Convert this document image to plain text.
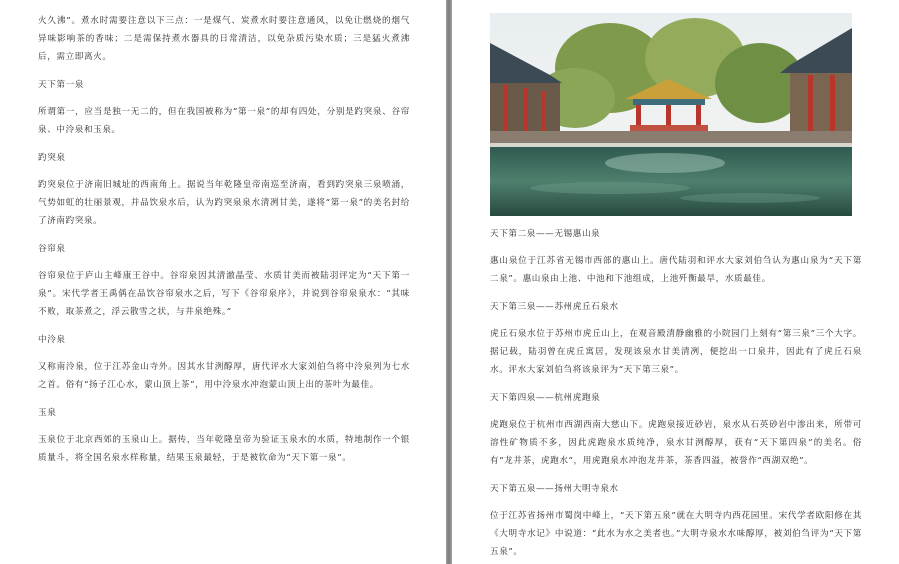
火久沸”。煮水时需要注意以下三点：一是煤气、炭煮水时要注意通风，以免让燃烧的烟气异味影响茶的香味；二是需保持煮水器具的日常清洁，以免杂质污染水质；三是猛火煮沸后，需立即离火。

天下第一泉

所谓第一，应当是独一无二的，但在我国被称为“第一泉”的却有四处，分别是趵突泉、谷帘泉、中泠泉和玉泉。

趵突泉

趵突泉位于济南旧城址的西南角上。据说当年乾隆皇帝南巡至济南，看到趵突泉三泉喷涌，气势如虹的壮丽景观，并品饮泉水后，认为趵突泉泉水清冽甘美，遂将“第一泉”的美名封给了济南趵突泉。

谷帘泉

谷帘泉位于庐山主峰康王谷中。谷帘泉因其清澈晶莹、水质甘美而被陆羽评定为“天下第一泉”。宋代学者王禹偁在品饮谷帘泉水之后，写下《谷帘泉序》，并说到谷帘泉泉水：“其味不败，取茶煮之，浮云散雪之状，与井泉绝殊。”

中泠泉

又称南泠泉，位于江苏金山寺外。因其水甘洌醇厚，唐代评水大家刘伯刍将中泠泉列为七水之首。俗有“扬子江心水，蒙山顶上茶”，用中泠泉水冲泡蒙山顶上出的茶叶为最佳。

玉泉

玉泉位于北京西郊的玉泉山上。据传，当年乾隆皇帝为验证玉泉水的水质，特地制作一个银质量斗，将全国名泉水样称量，结果玉泉最轻，于是被钦命为“天下第一泉”。

天下第二泉——无锡惠山泉

惠山泉位于江苏省无锡市西部的惠山上。唐代陆羽和评水大家刘伯刍认为惠山泉为“天下第二泉”。惠山泉由上池、中池和下池组成，上池歼衡最旱，水质最佳。

天下第三泉——苏州虎丘石泉水

虎丘石泉水位于苏州市虎丘山上，在观音殿清静幽雅的小院园门上刻有“第三泉”三个大字。据记载，陆羽曾在虎丘寓居，发现该泉水甘美清冽，便挖出一口泉井，因此有了虎丘石泉水。评水大家刘伯刍将该泉评为“天下第三泉”。

天下第四泉——杭州虎跑泉

虎跑泉位于杭州市西湖西南大慈山下。虎跑泉接近砂岩，泉水从石英砂岩中渗出来，所带可溶性矿物质不多，因此虎跑泉水质纯净，泉水甘洌醇厚，获有“天下第四泉”的美名。俗有“龙井茶，虎跑水”，用虎跑泉水冲泡龙井茶，茶香四溢，被誉作“西湖双绝”。

天下第五泉——扬州大明寺泉水

位于江苏省扬州市蜀岗中峰上，“天下第五泉”就在大明寺内西花园里。宋代学者欧阳修在其《大明寺水记》中说道：“此水为水之美者也。”大明寺泉水水味醇厚，被刘伯刍评为“天下第五泉”。
